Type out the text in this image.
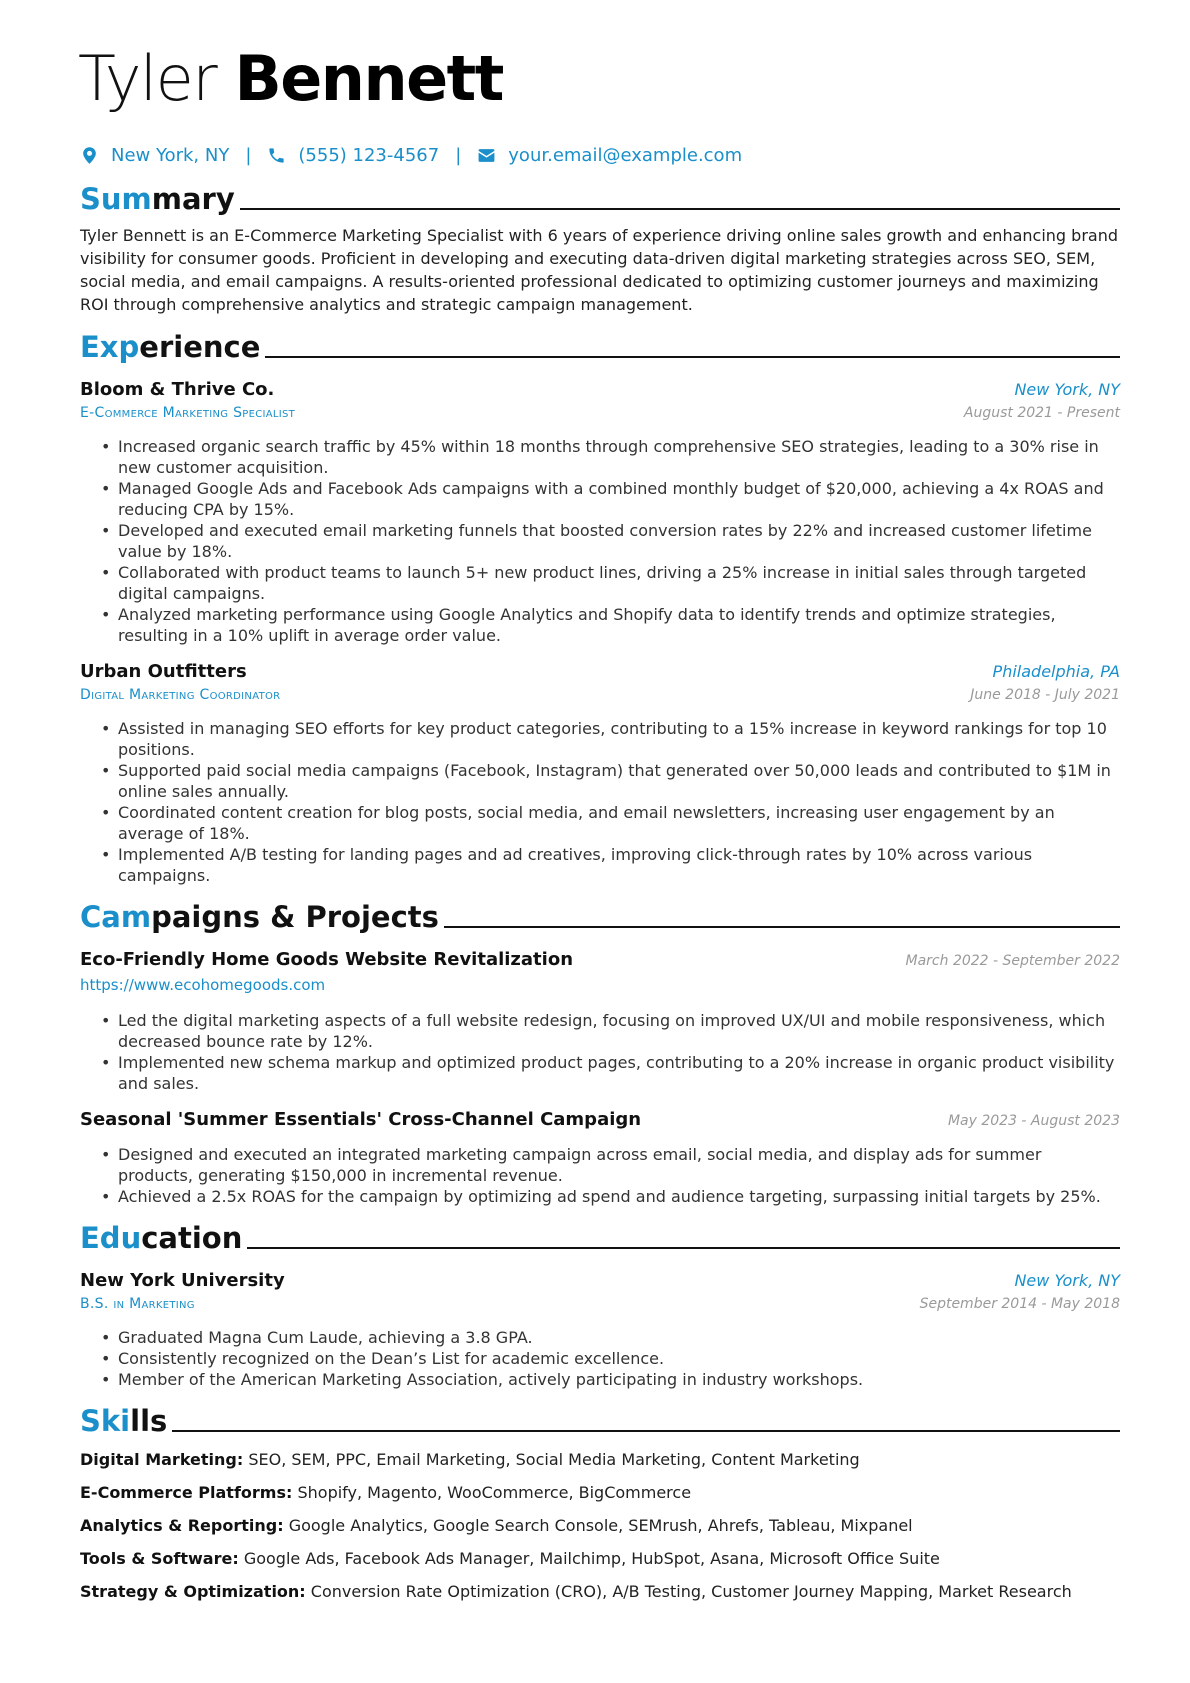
Tyler Bennett
New York, NY |	(555) 123-4567 |	your.email@example.com
Summary

Tyler Bennett is an E-Commerce Marketing Specialist with 6 years of experience driving online sales growth and enhancing brand visibility for consumer goods. Proficient in developing and executing data-driven digital marketing strategies across SEO, SEM, social media, and email campaigns. A results-oriented professional dedicated to optimizing customer journeys and maximizing ROI through comprehensive analytics and strategic campaign management.

Experience
Bloom & Thrive Co.	New York, NY
E-Commerce Marketing Specialist	August 2021 - Present
• Increased organic search traffic by 45% within 18 months through comprehensive SEO strategies, leading to a 30% rise in new customer acquisition.
• Managed Google Ads and Facebook Ads campaigns with a combined monthly budget of $20,000, achieving a 4x ROAS and reducing CPA by 15%.
• Developed and executed email marketing funnels that boosted conversion rates by 22% and increased customer lifetime value by 18%.
• Collaborated with product teams to launch 5+ new product lines, driving a 25% increase in initial sales through targeted digital campaigns.
• Analyzed marketing performance using Google Analytics and Shopify data to identify trends and optimize strategies, resulting in a 10% uplift in average order value.
Urban Outfitters	Philadelphia, PA
Digital Marketing Coordinator	June 2018 - July 2021
• Assisted in managing SEO efforts for key product categories, contributing to a 15% increase in keyword rankings for top 10 positions.
• Supported paid social media campaigns (Facebook, Instagram) that generated over 50,000 leads and contributed to $1M in online sales annually.
• Coordinated content creation for blog posts, social media, and email newsletters, increasing user engagement by an average of 18%.
• Implemented A/B testing for landing pages and ad creatives, improving click-through rates by 10% across various campaigns.
Campaigns & Projects
Eco-Friendly Home Goods Website Revitalization	March 2022 - September 2022
https://www.ecohomegoods.com
• Led the digital marketing aspects of a full website redesign, focusing on improved UX/UI and mobile responsiveness, which decreased bounce rate by 12%.
• Implemented new schema markup and optimized product pages, contributing to a 20% increase in organic product visibility and sales.
Seasonal 'Summer Essentials' Cross-Channel Campaign	May 2023 - August 2023
• Designed and executed an integrated marketing campaign across email, social media, and display ads for summer products, generating $150,000 in incremental revenue.
• Achieved a 2.5x ROAS for the campaign by optimizing ad spend and audience targeting, surpassing initial targets by 25%.
Education
New York University	New York, NY
B.S. in Marketing	September 2014 - May 2018
• Graduated Magna Cum Laude, achieving a 3.8 GPA.
• Consistently recognized on the Dean’s List for academic excellence.
• Member of the American Marketing Association, actively participating in industry workshops.
Skills
Digital Marketing: SEO, SEM, PPC, Email Marketing, Social Media Marketing, Content Marketing
E-Commerce Platforms: Shopify, Magento, WooCommerce, BigCommerce
Analytics & Reporting: Google Analytics, Google Search Console, SEMrush, Ahrefs, Tableau, Mixpanel
Tools & Software: Google Ads, Facebook Ads Manager, Mailchimp, HubSpot, Asana, Microsoft Office Suite
Strategy & Optimization: Conversion Rate Optimization (CRO), A/B Testing, Customer Journey Mapping, Market Research
